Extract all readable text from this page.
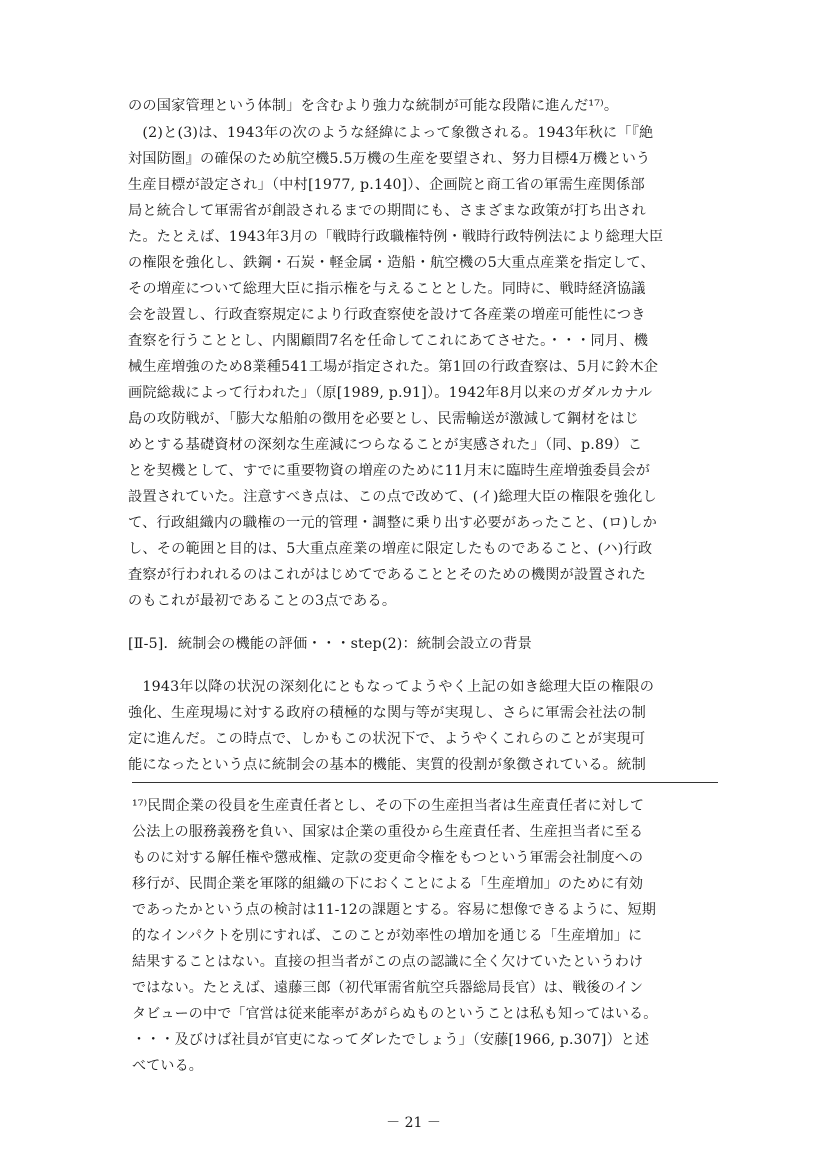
のの国家管理という体制」を含むより強力な統制が可能な段階に進んだ¹⁷⁾。
　(2)と(3)は、1943年の次のような経緯によって象徴される。1943年秋に「『絶
対国防圏』の確保のため航空機5.5万機の生産を要望され、努力目標4万機という
生産目標が設定され」（中村[1977, p.140]）、企画院と商工省の軍需生産関係部
局と統合して軍需省が創設されるまでの期間にも、さまざまな政策が打ち出され
た。たとえば、1943年3月の「戦時行政職権特例・戦時行政特例法により総理大臣
の権限を強化し、鉄鋼・石炭・軽金属・造船・航空機の5大重点産業を指定して、
その増産について総理大臣に指示権を与えることとした。同時に、戦時経済協議
会を設置し、行政査察規定により行政査察使を設けて各産業の増産可能性につき
査察を行うこととし、内閣顧問7名を任命してこれにあてさせた。・・・同月、機
械生産増強のため8業種541工場が指定された。第1回の行政査察は、5月に鈴木企
画院総裁によって行われた」（原[1989, p.91]）。1942年8月以来のガダルカナル
島の攻防戦が、「膨大な船舶の徴用を必要とし、民需輸送が激減して鋼材をはじ
めとする基礎資材の深刻な生産減につらなることが実感された」（同、p.89）こ
とを契機として、すでに重要物資の増産のために11月末に臨時生産増強委員会が
設置されていた。注意すべき点は、この点で改めて、(イ)総理大臣の権限を強化し
て、行政組織内の職権の一元的管理・調整に乗り出す必要があったこと、(ロ)しか
し、その範囲と目的は、5大重点産業の増産に限定したものであること、(ハ)行政
査察が行われれるのはこれがはじめてであることとそのための機関が設置された
のもこれが最初であることの3点である。
[Ⅱ-5]．統制会の機能の評価・・・step(2)：統制会設立の背景
　1943年以降の状況の深刻化にともなってようやく上記の如き総理大臣の権限の
強化、生産現場に対する政府の積極的な関与等が実現し、さらに軍需会社法の制
定に進んだ。この時点で、しかもこの状況下で、ようやくこれらのことが実現可
能になったという点に統制会の基本的機能、実質的役割が象徴されている。統制
¹⁷⁾民間企業の役員を生産責任者とし、その下の生産担当者は生産責任者に対して
公法上の服務義務を負い、国家は企業の重役から生産責任者、生産担当者に至る
ものに対する解任権や懲戒権、定款の変更命令権をもつという軍需会社制度への
移行が、民間企業を軍隊的組織の下におくことによる「生産増加」のために有効
であったかという点の検討は11-12の課題とする。容易に想像できるように、短期
的なインパクトを別にすれば、このことが効率性の増加を通じる「生産増加」に
結果することはない。直接の担当者がこの点の認識に全く欠けていたというわけ
ではない。たとえば、遠藤三郎（初代軍需省航空兵器総局長官）は、戦後のイン
タビューの中で「官営は従来能率があがらぬものということは私も知ってはいる。
・・・及びけば社員が官吏になってダレたでしょう」（安藤[1966, p.307]）と述
べている。
－ 21 －
